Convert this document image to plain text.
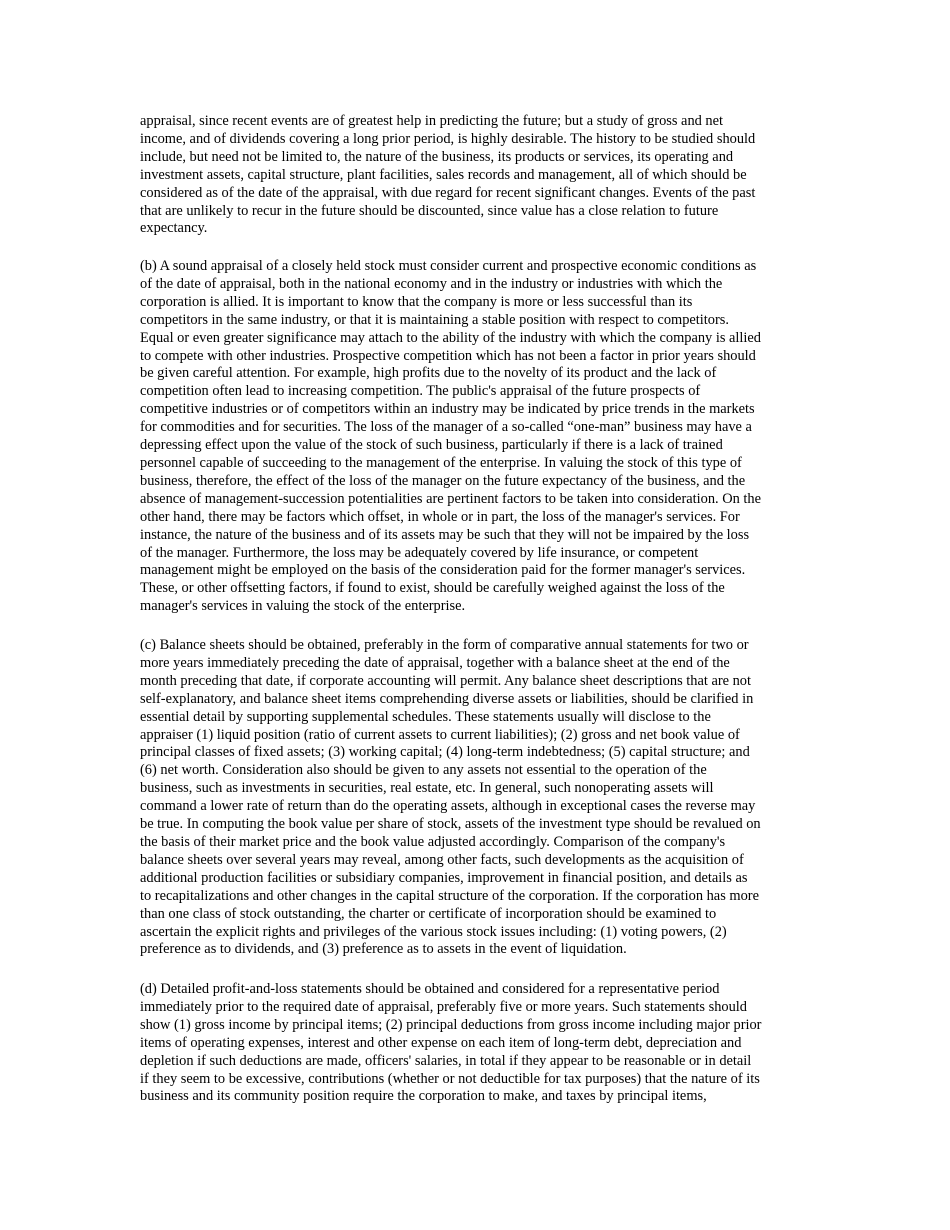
appraisal, since recent events are of greatest help in predicting the future; but a study of gross and net
income, and of dividends covering a long prior period, is highly desirable. The history to be studied should
include, but need not be limited to, the nature of the business, its products or services, its operating and
investment assets, capital structure, plant facilities, sales records and management, all of which should be
considered as of the date of the appraisal, with due regard for recent significant changes. Events of the past
that are unlikely to recur in the future should be discounted, since value has a close relation to future
expectancy.

(b) A sound appraisal of a closely held stock must consider current and prospective economic conditions as
of the date of appraisal, both in the national economy and in the industry or industries with which the
corporation is allied. It is important to know that the company is more or less successful than its
competitors in the same industry, or that it is maintaining a stable position with respect to competitors.
Equal or even greater significance may attach to the ability of the industry with which the company is allied
to compete with other industries. Prospective competition which has not been a factor in prior years should
be given careful attention. For example, high profits due to the novelty of its product and the lack of
competition often lead to increasing competition. The public's appraisal of the future prospects of
competitive industries or of competitors within an industry may be indicated by price trends in the markets
for commodities and for securities. The loss of the manager of a so-called “one-man” business may have a
depressing effect upon the value of the stock of such business, particularly if there is a lack of trained
personnel capable of succeeding to the management of the enterprise. In valuing the stock of this type of
business, therefore, the effect of the loss of the manager on the future expectancy of the business, and the
absence of management-succession potentialities are pertinent factors to be taken into consideration. On the
other hand, there may be factors which offset, in whole or in part, the loss of the manager's services. For
instance, the nature of the business and of its assets may be such that they will not be impaired by the loss
of the manager. Furthermore, the loss may be adequately covered by life insurance, or competent
management might be employed on the basis of the consideration paid for the former manager's services.
These, or other offsetting factors, if found to exist, should be carefully weighed against the loss of the
manager's services in valuing the stock of the enterprise.

(c) Balance sheets should be obtained, preferably in the form of comparative annual statements for two or
more years immediately preceding the date of appraisal, together with a balance sheet at the end of the
month preceding that date, if corporate accounting will permit. Any balance sheet descriptions that are not
self-explanatory, and balance sheet items comprehending diverse assets or liabilities, should be clarified in
essential detail by supporting supplemental schedules. These statements usually will disclose to the
appraiser (1) liquid position (ratio of current assets to current liabilities); (2) gross and net book value of
principal classes of fixed assets; (3) working capital; (4) long-term indebtedness; (5) capital structure; and
(6) net worth. Consideration also should be given to any assets not essential to the operation of the
business, such as investments in securities, real estate, etc. In general, such nonoperating assets will
command a lower rate of return than do the operating assets, although in exceptional cases the reverse may
be true. In computing the book value per share of stock, assets of the investment type should be revalued on
the basis of their market price and the book value adjusted accordingly. Comparison of the company's
balance sheets over several years may reveal, among other facts, such developments as the acquisition of
additional production facilities or subsidiary companies, improvement in financial position, and details as
to recapitalizations and other changes in the capital structure of the corporation. If the corporation has more
than one class of stock outstanding, the charter or certificate of incorporation should be examined to
ascertain the explicit rights and privileges of the various stock issues including: (1) voting powers, (2)
preference as to dividends, and (3) preference as to assets in the event of liquidation.

(d) Detailed profit-and-loss statements should be obtained and considered for a representative period
immediately prior to the required date of appraisal, preferably five or more years. Such statements should
show (1) gross income by principal items; (2) principal deductions from gross income including major prior
items of operating expenses, interest and other expense on each item of long-term debt, depreciation and
depletion if such deductions are made, officers' salaries, in total if they appear to be reasonable or in detail
if they seem to be excessive, contributions (whether or not deductible for tax purposes) that the nature of its
business and its community position require the corporation to make, and taxes by principal items,
